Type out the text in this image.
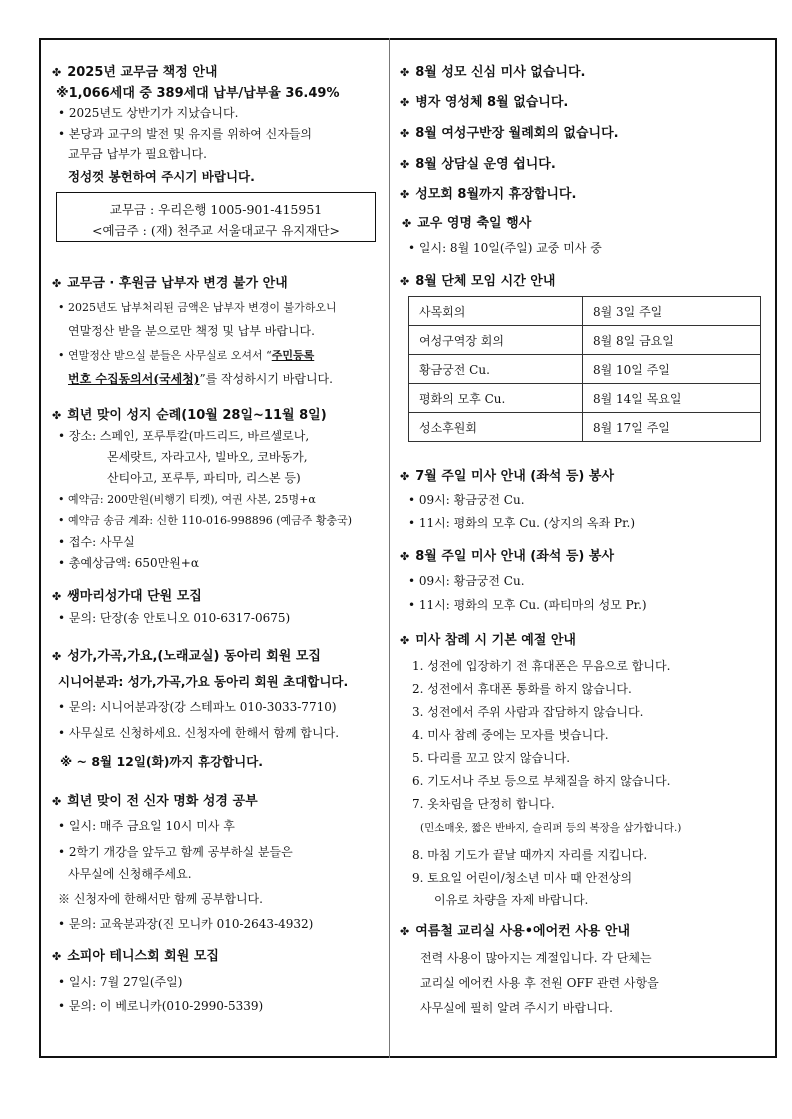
✤ 2025년 교무금 책정 안내
※1,066세대 중 389세대 납부/납부율 36.49%
• 2025년도 상반기가 지났습니다.
• 본당과 교구의 발전 및 유지를 위하여 신자들의
교무금 납부가 필요합니다.
정성껏 봉헌하여 주시기 바랍니다.
교무금 : 우리은행 1005-901-415951
<예금주 : (재) 천주교 서울대교구 유지재단>
✤ 교무금 · 후원금 납부자 변경 불가 안내
• 2025년도 납부처리된 금액은 납부자 변경이 불가하오니
연말정산 받을 분으로만 책정 및 납부 바랍니다.
• 연말정산 받으실 분들은 사무실로 오셔서 “주민등록
번호 수집동의서(국세청)”를 작성하시기 바랍니다.
✤ 희년 맞이 성지 순례(10월 28일~11월 8일)
• 장소: 스페인, 포루투칼(마드리드, 바르셀로나,
몬세랏트, 자라고사, 빌바오, 코바동가,
산티아고, 포루투, 파티마, 리스본 등)
• 예약금: 200만원(비행기 티켓), 여권 사본, 25명+α
• 예약금 송금 계좌: 신한 110-016-998896 (예금주 황충국)
• 접수: 사무실
• 총예상금액: 650만원+α
✤ 쌩마리성가대 단원 모집
• 문의: 단장(송 안토니오 010-6317-0675)
✤ 성가,가곡,가요,(노래교실) 동아리 회원 모집
시니어분과: 성가,가곡,가요 동아리 회원 초대합니다.
• 문의: 시니어분과장(강 스테파노 010-3033-7710)
• 사무실로 신청하세요. 신청자에 한해서 함께 합니다.
※ ~ 8월 12일(화)까지 휴강합니다.
✤ 희년 맞이 전 신자 명화 성경 공부
• 일시: 매주 금요일 10시 미사 후
• 2학기 개강을 앞두고 함께 공부하실 분들은
사무실에 신청해주세요.
※ 신청자에 한해서만 함께 공부합니다.
• 문의: 교육분과장(진 모니카 010-2643-4932)
✤ 소피아 테니스회 회원 모집
• 일시: 7월 27일(주일)
• 문의: 이 베로니카(010-2990-5339)
✤ 8월 성모 신심 미사 없습니다.
✤ 병자 영성체 8월 없습니다.
✤ 8월 여성구반장 월례회의 없습니다.
✤ 8월 상담실 운영 쉽니다.
✤ 성모회 8월까지 휴장합니다.
✤ 교우 영명 축일 행사
• 일시: 8월 10일(주일) 교중 미사 중
✤ 8월 단체 모임 시간 안내
사목회의	8월 3일 주일
여성구역장 회의	8월 8일 금요일
황금궁전 Cu.	8월 10일 주일
평화의 모후 Cu.	8월 14일 목요일
성소후원회	8월 17일 주일
✤ 7월 주일 미사 안내 (좌석 등) 봉사
• 09시: 황금궁전 Cu.
• 11시: 평화의 모후 Cu. (상지의 옥좌 Pr.)
✤ 8월 주일 미사 안내 (좌석 등) 봉사
• 09시: 황금궁전 Cu.
• 11시: 평화의 모후 Cu. (파티마의 성모 Pr.)
✤ 미사 참례 시 기본 예절 안내
1. 성전에 입장하기 전 휴대폰은 무음으로 합니다.
2. 성전에서 휴대폰 통화를 하지 않습니다.
3. 성전에서 주위 사람과 잡담하지 않습니다.
4. 미사 참례 중에는 모자를 벗습니다.
5. 다리를 꼬고 앉지 않습니다.
6. 기도서나 주보 등으로 부채질을 하지 않습니다.
7. 옷차림을 단정히 합니다.
(민소매옷, 짧은 반바지, 슬리퍼 등의 복장을 삼가합니다.)
8. 마침 기도가 끝날 때까지 자리를 지킵니다.
9. 토요일 어린이/청소년 미사 때 안전상의
이유로 차량을 자제 바랍니다.
✤ 여름철 교리실 사용•에어컨 사용 안내
전력 사용이 많아지는 계절입니다. 각 단체는
교리실 에어컨 사용 후 전원 OFF 관련 사항을
사무실에 필히 알려 주시기 바랍니다.
